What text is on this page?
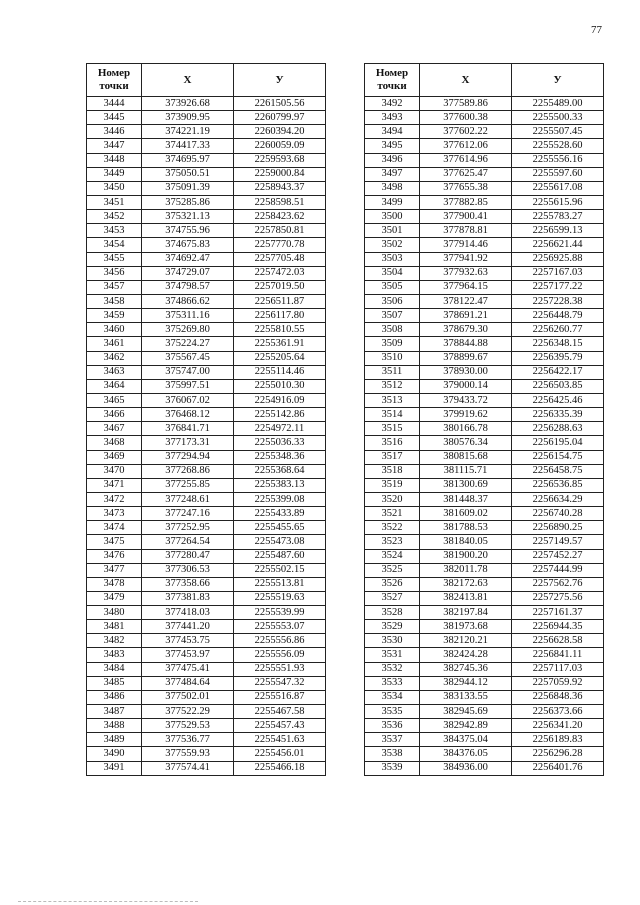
77
Номер точки	X	У
3444	373926.68	2261505.56
3445	373909.95	2260799.97
3446	374221.19	2260394.20
3447	374417.33	2260059.09
3448	374695.97	2259593.68
3449	375050.51	2259000.84
3450	375091.39	2258943.37
3451	375285.86	2258598.51
3452	375321.13	2258423.62
3453	374755.96	2257850.81
3454	374675.83	2257770.78
3455	374692.47	2257705.48
3456	374729.07	2257472.03
3457	374798.57	2257019.50
3458	374866.62	2256511.87
3459	375311.16	2256117.80
3460	375269.80	2255810.55
3461	375224.27	2255361.91
3462	375567.45	2255205.64
3463	375747.00	2255114.46
3464	375997.51	2255010.30
3465	376067.02	2254916.09
3466	376468.12	2255142.86
3467	376841.71	2254972.11
3468	377173.31	2255036.33
3469	377294.94	2255348.36
3470	377268.86	2255368.64
3471	377255.85	2255383.13
3472	377248.61	2255399.08
3473	377247.16	2255433.89
3474	377252.95	2255455.65
3475	377264.54	2255473.08
3476	377280.47	2255487.60
3477	377306.53	2255502.15
3478	377358.66	2255513.81
3479	377381.83	2255519.63
3480	377418.03	2255539.99
3481	377441.20	2255553.07
3482	377453.75	2255556.86
3483	377453.97	2255556.09
3484	377475.41	2255551.93
3485	377484.64	2255547.32
3486	377502.01	2255516.87
3487	377522.29	2255467.58
3488	377529.53	2255457.43
3489	377536.77	2255451.63
3490	377559.93	2255456.01
3491	377574.41	2255466.18
Номер точки	X	У
3492	377589.86	2255489.00
3493	377600.38	2255500.33
3494	377602.22	2255507.45
3495	377612.06	2255528.60
3496	377614.96	2255556.16
3497	377625.47	2255597.60
3498	377655.38	2255617.08
3499	377882.85	2255615.96
3500	377900.41	2255783.27
3501	377878.81	2256599.13
3502	377914.46	2256621.44
3503	377941.92	2256925.88
3504	377932.63	2257167.03
3505	377964.15	2257177.22
3506	378122.47	2257228.38
3507	378691.21	2256448.79
3508	378679.30	2256260.77
3509	378844.88	2256348.15
3510	378899.67	2256395.79
3511	378930.00	2256422.17
3512	379000.14	2256503.85
3513	379433.72	2256425.46
3514	379919.62	2256335.39
3515	380166.78	2256288.63
3516	380576.34	2256195.04
3517	380815.68	2256154.75
3518	381115.71	2256458.75
3519	381300.69	2256536.85
3520	381448.37	2256634.29
3521	381609.02	2256740.28
3522	381788.53	2256890.25
3523	381840.05	2257149.57
3524	381900.20	2257452.27
3525	382011.78	2257444.99
3526	382172.63	2257562.76
3527	382413.81	2257275.56
3528	382197.84	2257161.37
3529	381973.68	2256944.35
3530	382120.21	2256628.58
3531	382424.28	2256841.11
3532	382745.36	2257117.03
3533	382944.12	2257059.92
3534	383133.55	2256848.36
3535	382945.69	2256373.66
3536	382942.89	2256341.20
3537	384375.04	2256189.83
3538	384376.05	2256296.28
3539	384936.00	2256401.76
